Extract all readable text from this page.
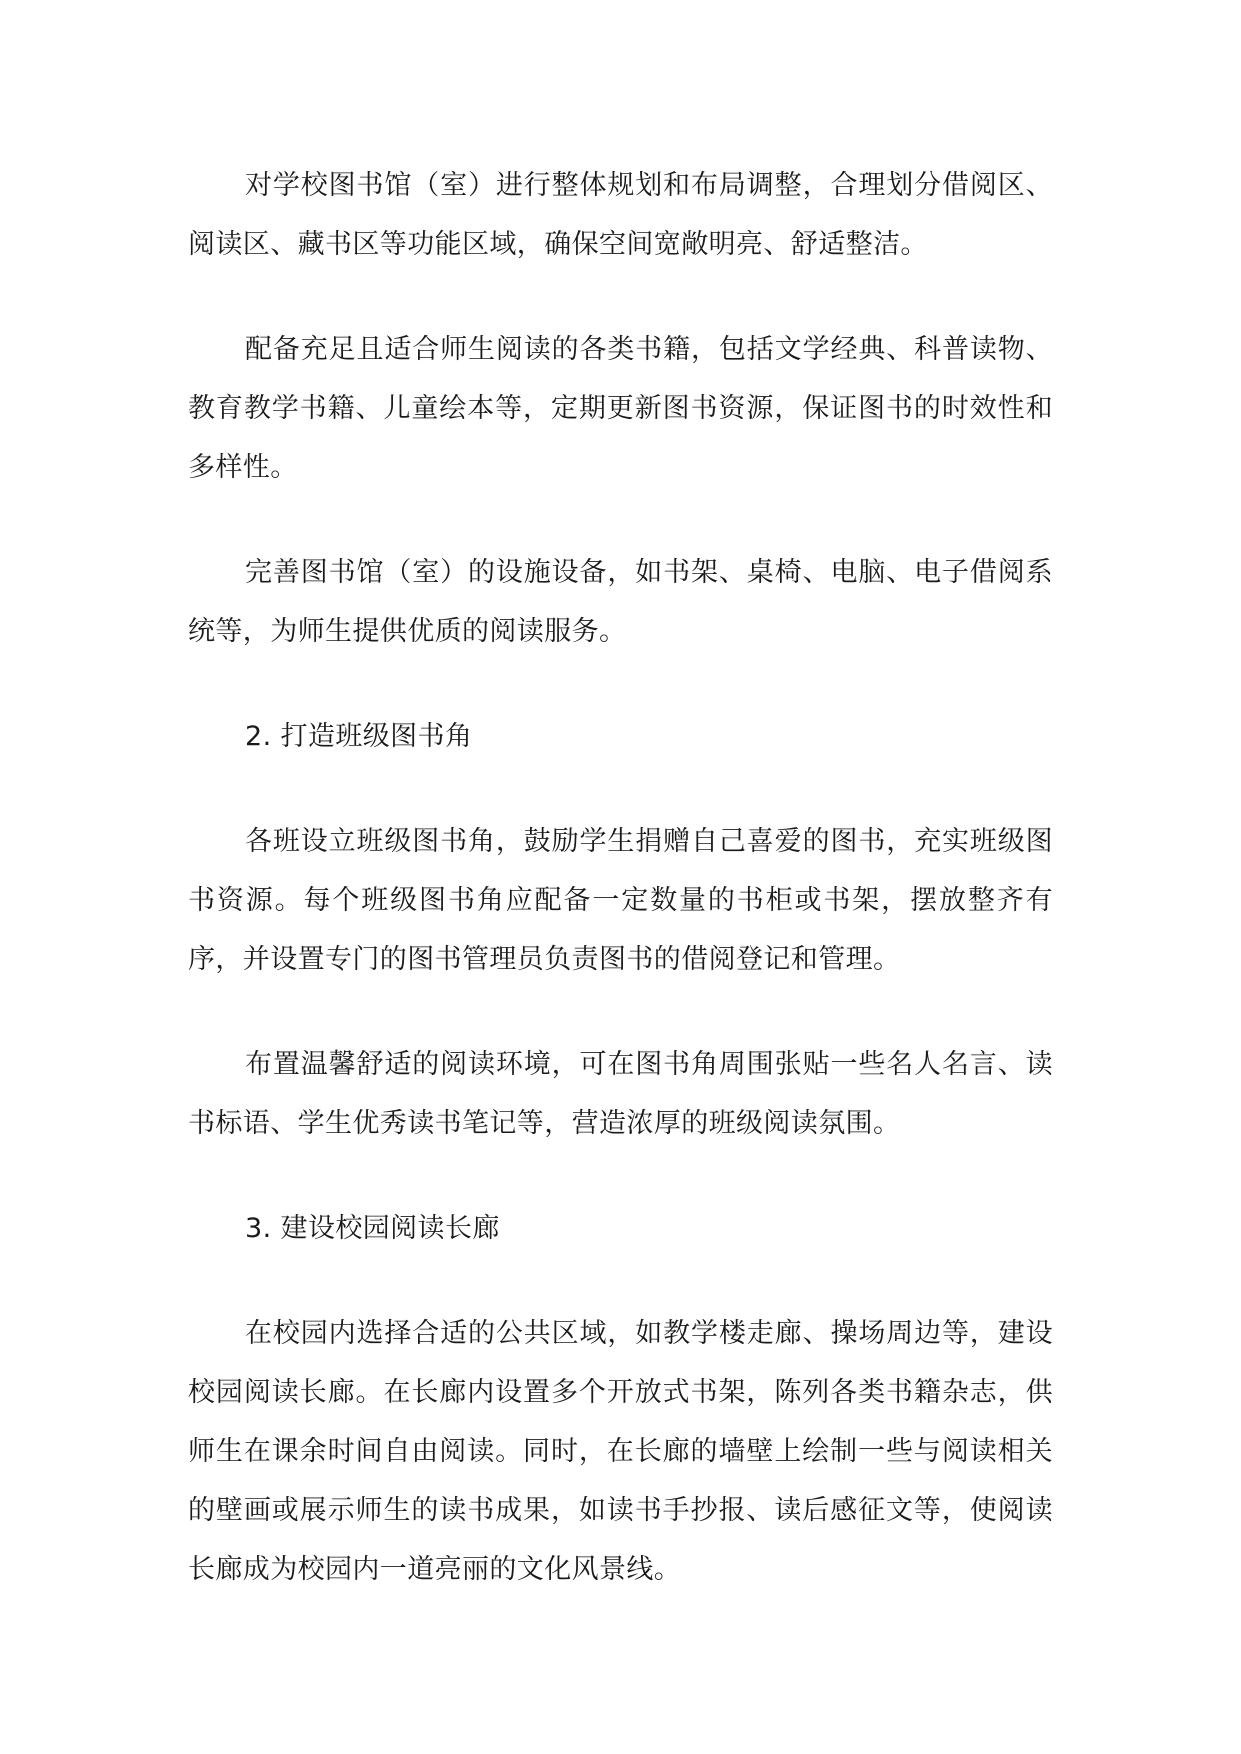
对学校图书馆（室）进行整体规划和布局调整，合理划分借阅区、阅读区、藏书区等功能区域，确保空间宽敞明亮、舒适整洁。

配备充足且适合师生阅读的各类书籍，包括文学经典、科普读物、教育教学书籍、儿童绘本等，定期更新图书资源，保证图书的时效性和多样性。

完善图书馆（室）的设施设备，如书架、桌椅、电脑、电子借阅系统等，为师生提供优质的阅读服务。

2. 打造班级图书角

各班设立班级图书角，鼓励学生捐赠自己喜爱的图书，充实班级图书资源。每个班级图书角应配备一定数量的书柜或书架，摆放整齐有序，并设置专门的图书管理员负责图书的借阅登记和管理。

布置温馨舒适的阅读环境，可在图书角周围张贴一些名人名言、读书标语、学生优秀读书笔记等，营造浓厚的班级阅读氛围。

3. 建设校园阅读长廊

在校园内选择合适的公共区域，如教学楼走廊、操场周边等，建设校园阅读长廊。在长廊内设置多个开放式书架，陈列各类书籍杂志，供师生在课余时间自由阅读。同时，在长廊的墙壁上绘制一些与阅读相关的壁画或展示师生的读书成果，如读书手抄报、读后感征文等，使阅读长廊成为校园内一道亮丽的文化风景线。
